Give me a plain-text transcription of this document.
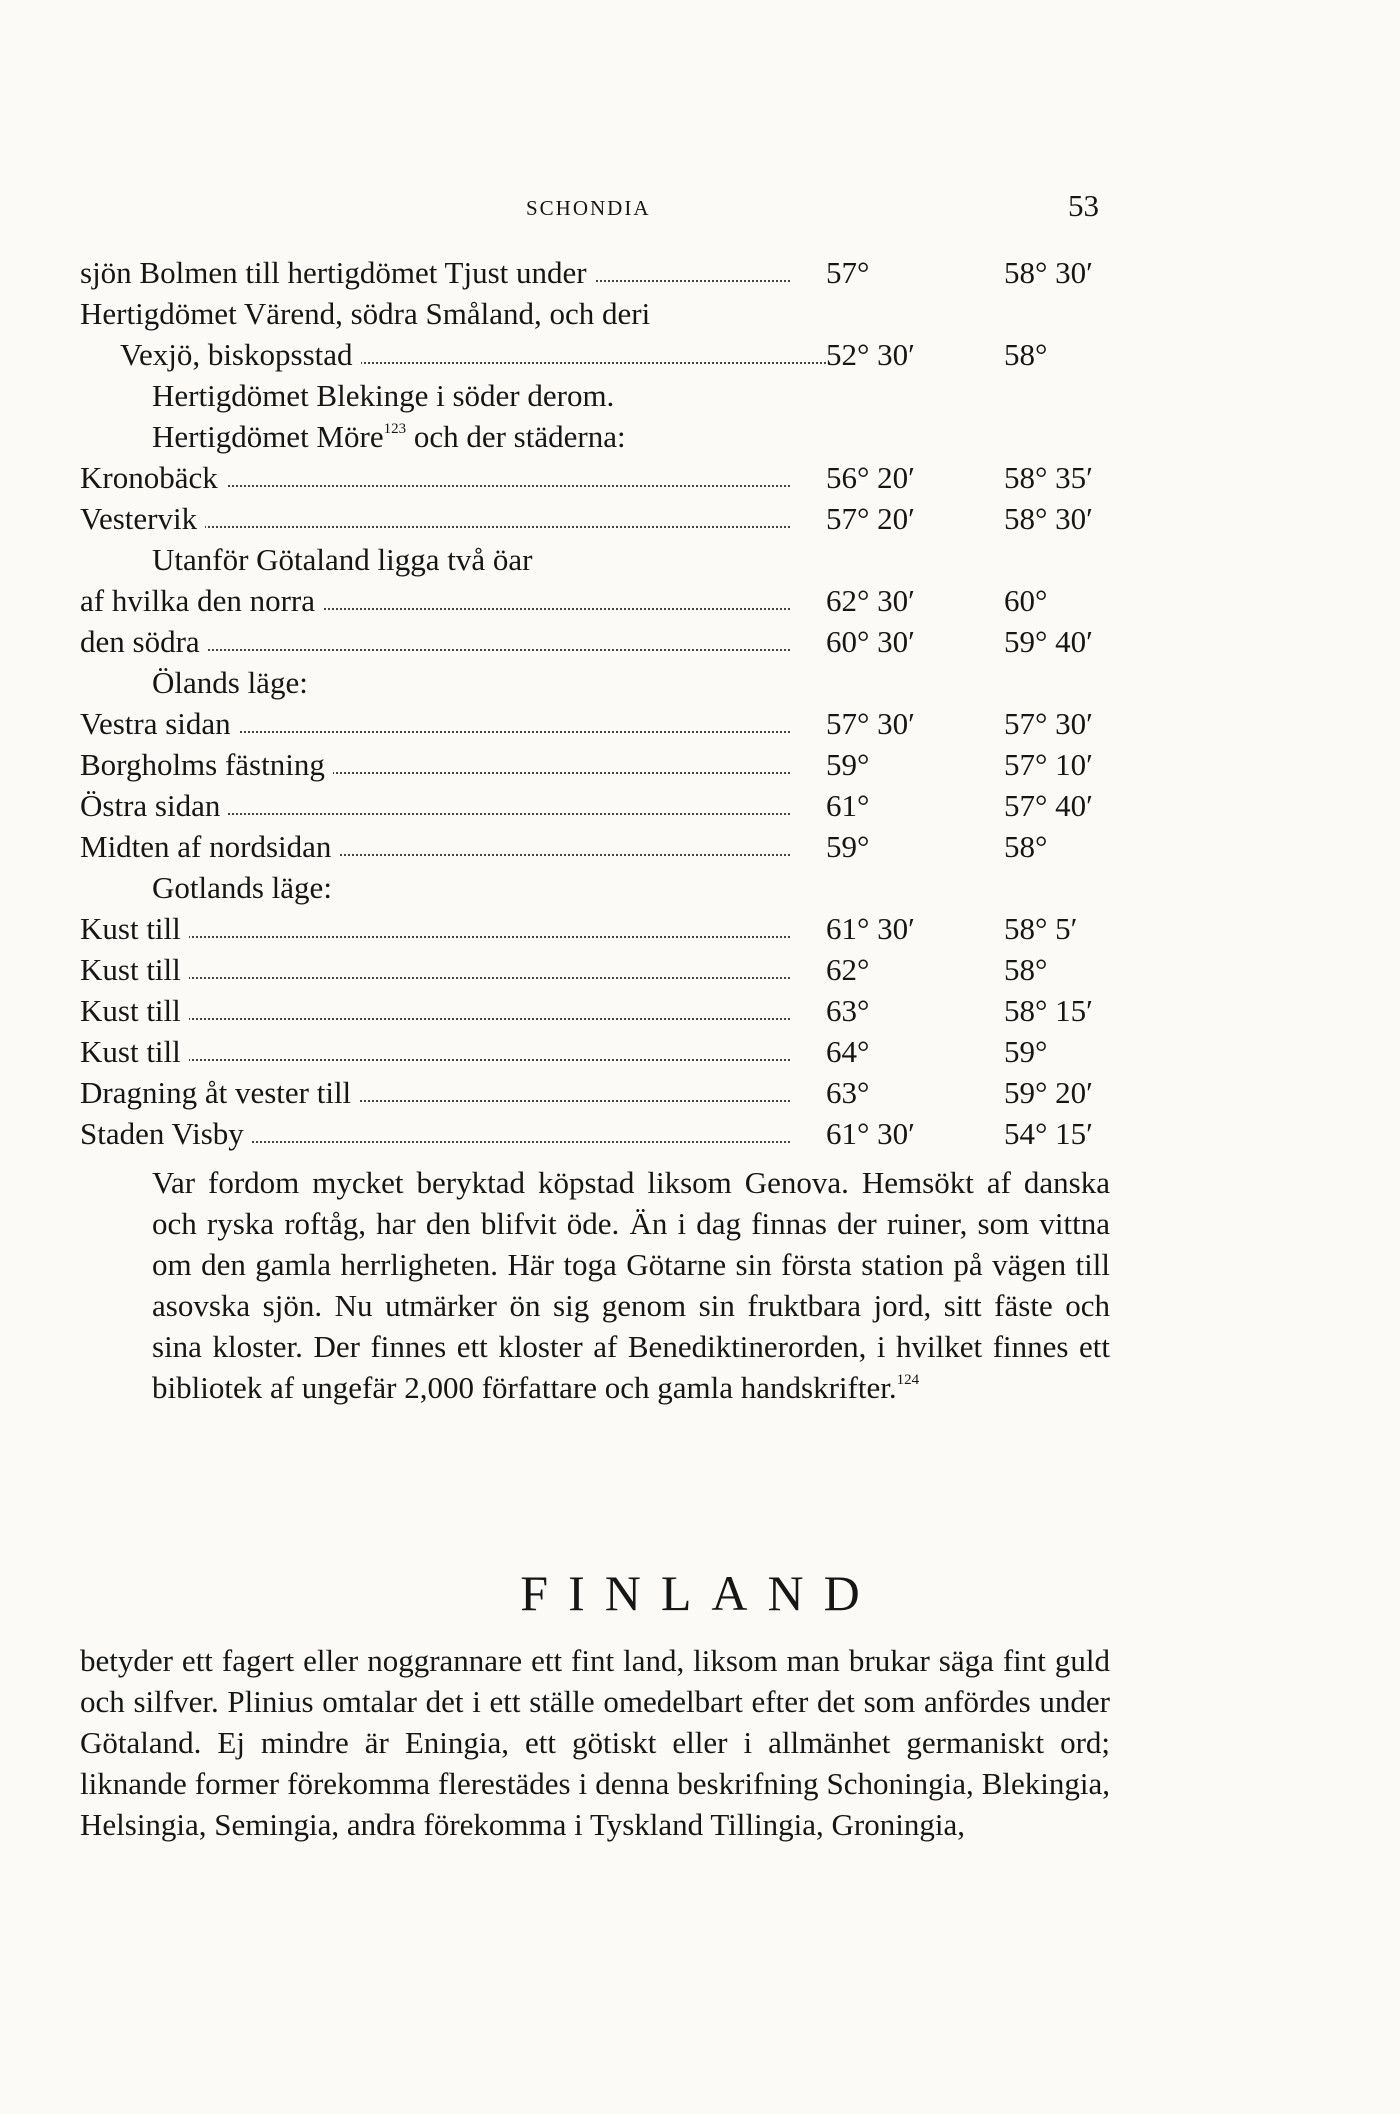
SCHONDIA	53
sjön Bolmen till hertigdömet Tjust under	57°	58° 30′
Hertigdömet Värend, södra Småland, och deri
Vexjö, biskopsstad	52° 30′	58°
Hertigdömet Blekinge i söder derom.
Hertigdömet Möre$^{123}$ och der städerna:
Kronobäck	56° 20′	58° 35′
Vestervik	57° 20′	58° 30′
Utanför Götaland ligga två öar
af hvilka den norra	62° 30′	60°
den södra	60° 30′	59° 40′
Ölands läge:
Vestra sidan	57° 30′	57° 30′
Borgholms fästning	59°	57° 10′
Östra sidan	61°	57° 40′
Midten af nordsidan	59°	58°
Gotlands läge:
Kust till	61° 30′	58° 5′
Kust till	62°	58°
Kust till	63°	58° 15′
Kust till	64°	59°
Dragning åt vester till	63°	59° 20′
Staden Visby	61° 30′	54° 15′
Var fordom mycket beryktad köpstad liksom Genova. Hemsökt af danska och ryska roftåg, har den blifvit öde. Än i dag finnas der ruiner, som vittna om den gamla herrligheten. Här toga Götarne sin första station på vägen till asovska sjön. Nu utmärker ön sig genom sin fruktbara jord, sitt fäste och sina kloster. Der finnes ett kloster af Benediktinerorden, i hvilket finnes ett bibliotek af ungefär 2,000 författare och gamla handskrifter.$^{124}$
FINLAND
betyder ett fagert eller noggrannare ett fint land, liksom man brukar säga fint guld och silfver. Plinius omtalar det i ett ställe omedelbart efter det som anfördes under Götaland. Ej mindre är Eningia, ett götiskt eller i allmänhet germaniskt ord; liknande former förekomma flerestädes i denna beskrifning Schoningia, Blekingia, Helsingia, Semingia, andra förekomma i Tyskland Tillingia, Groningia,
